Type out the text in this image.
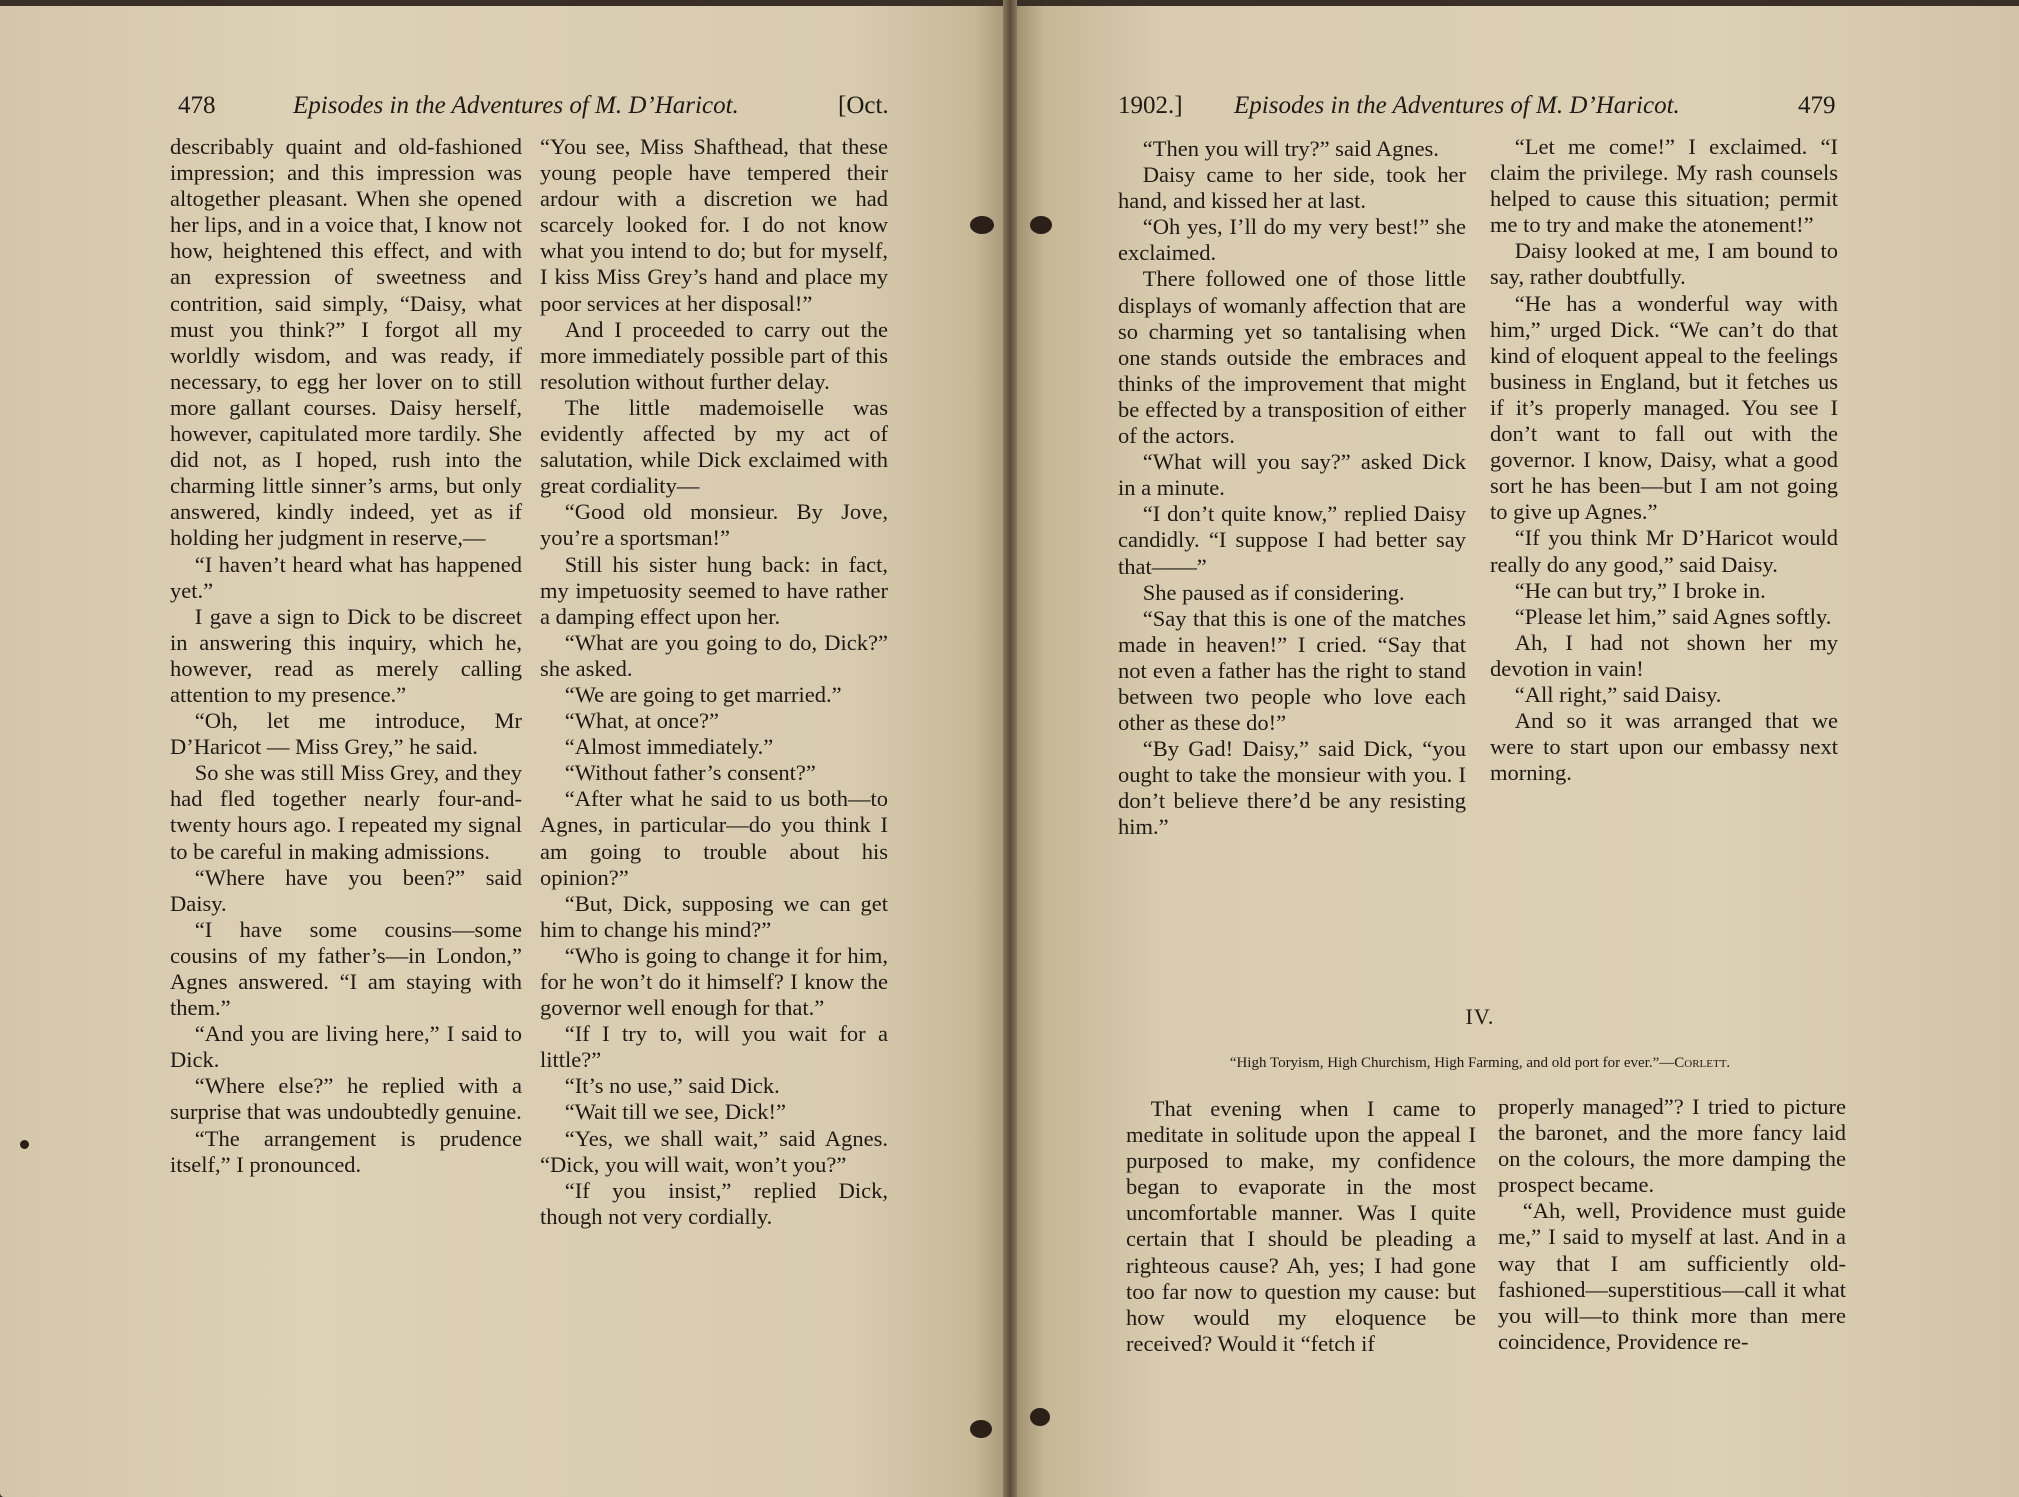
478	Episodes in the Adventures of M. D’Haricot.	[Oct.	1902.] Episodes in the Adventures of M. D’Haricot.	479

describably quaint and old-fashioned impression; and this impression was altogether pleasant. When she opened her lips, and in a voice that, I know not how, heightened this effect, and with an expression of sweetness and contrition, said simply, “Daisy, what must you think?” I forgot all my worldly wisdom, and was ready, if necessary, to egg her lover on to still more gallant courses. Daisy herself, however, capitulated more tardily. She did not, as I hoped, rush into the charming little sinner’s arms, but only answered, kindly indeed, yet as if holding her judgment in reserve,—

“I haven’t heard what has happened yet.”

I gave a sign to Dick to be discreet in answering this inquiry, which he, however, read as merely calling attention to my presence.”

“Oh, let me introduce, Mr D’Haricot — Miss Grey,” he said.

So she was still Miss Grey, and they had fled together nearly four-and-twenty hours ago. I repeated my signal to be careful in making admissions.

“Where have you been?” said Daisy.

“I have some cousins—some cousins of my father’s—in London,” Agnes answered. “I am staying with them.”

“And you are living here,” I said to Dick.

“Where else?” he replied with a surprise that was undoubtedly genuine.

“The arrangement is prudence itself,” I pronounced.

“You see, Miss Shafthead, that these young people have tempered their ardour with a discretion we had scarcely looked for. I do not know what you intend to do; but for myself, I kiss Miss Grey’s hand and place my poor services at her disposal!”

And I proceeded to carry out the more immediately possible part of this resolution without further delay.

The little mademoiselle was evidently affected by my act of salutation, while Dick exclaimed with great cordiality—

“Good old monsieur. By Jove, you’re a sportsman!”

Still his sister hung back: in fact, my impetuosity seemed to have rather a damping effect upon her.

“What are you going to do, Dick?” she asked.

“We are going to get married.”

“What, at once?”

“Almost immediately.”

“Without father’s consent?”

“After what he said to us both—to Agnes, in particular—do you think I am going to trouble about his opinion?”

“But, Dick, supposing we can get him to change his mind?”

“Who is going to change it for him, for he won’t do it himself? I know the governor well enough for that.”

“If I try to, will you wait for a little?”

“It’s no use,” said Dick.

“Wait till we see, Dick!”

“Yes, we shall wait,” said Agnes. “Dick, you will wait, won’t you?”

“If you insist,” replied Dick, though not very cordially.

“Then you will try?” said Agnes.

Daisy came to her side, took her hand, and kissed her at last.

“Oh yes, I’ll do my very best!” she exclaimed.

There followed one of those little displays of womanly affection that are so charming yet so tantalising when one stands outside the embraces and thinks of the improvement that might be effected by a transposition of either of the actors.

“What will you say?” asked Dick in a minute.

“I don’t quite know,” replied Daisy candidly. “I suppose I had better say that——”

She paused as if considering.

“Say that this is one of the matches made in heaven!” I cried. “Say that not even a father has the right to stand between two people who love each other as these do!”

“By Gad! Daisy,” said Dick, “you ought to take the monsieur with you. I don’t believe there’d be any resisting him.”

“Let me come!” I exclaimed. “I claim the privilege. My rash counsels helped to cause this situation; permit me to try and make the atonement!”

Daisy looked at me, I am bound to say, rather doubtfully.

“He has a wonderful way with him,” urged Dick. “We can’t do that kind of eloquent appeal to the feelings business in England, but it fetches us if it’s properly managed. You see I don’t want to fall out with the governor. I know, Daisy, what a good sort he has been—but I am not going to give up Agnes.”

“If you think Mr D’Haricot would really do any good,” said Daisy.

“He can but try,” I broke in.

“Please let him,” said Agnes softly.

Ah, I had not shown her my devotion in vain!

“All right,” said Daisy.

And so it was arranged that we were to start upon our embassy next morning.

IV.
“High Toryism, High Churchism, High Farming, and old port for ever.”—Corlett.

That evening when I came to meditate in solitude upon the appeal I purposed to make, my confidence began to evaporate in the most uncomfortable manner. Was I quite certain that I should be pleading a righteous cause? Ah, yes; I had gone too far now to question my cause: but how would my eloquence be received? Would it “fetch if

properly managed”? I tried to picture the baronet, and the more fancy laid on the colours, the more damping the prospect became.

“Ah, well, Providence must guide me,” I said to myself at last. And in a way that I am sufficiently old-fashioned—superstitious—call it what you will—to think more than mere coincidence, Providence re-
